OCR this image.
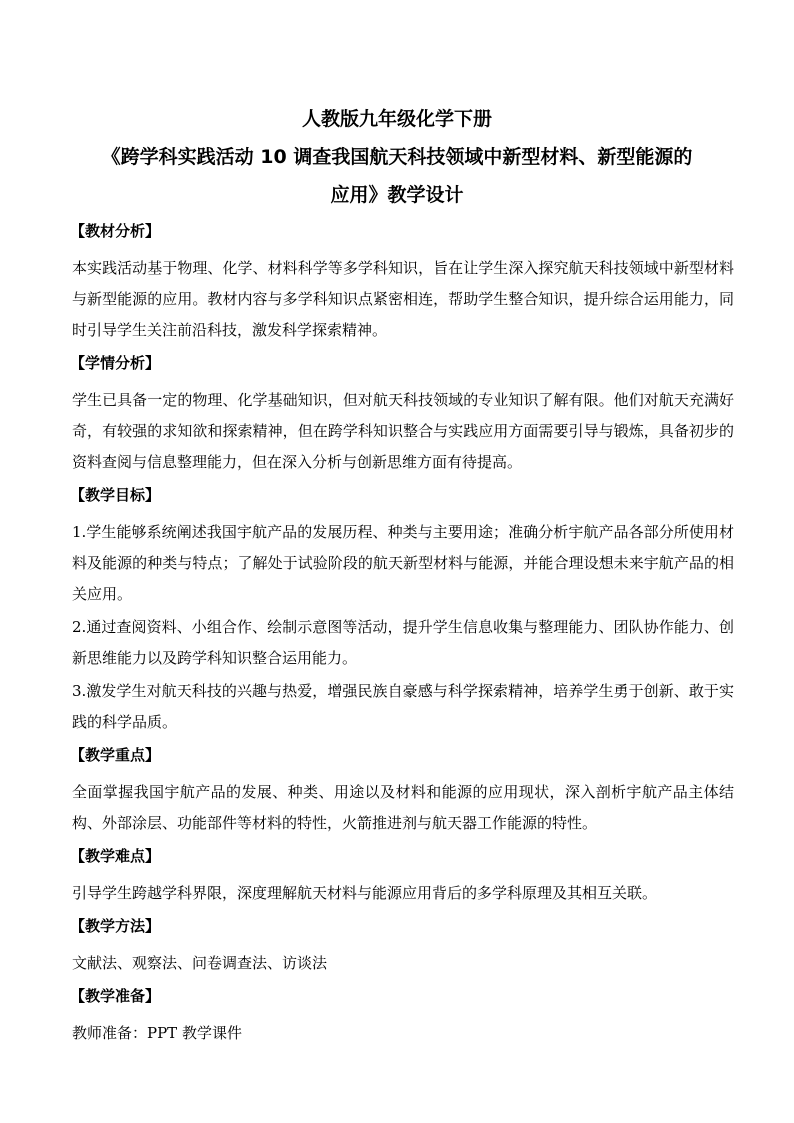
人教版九年级化学下册
《跨学科实践活动 10 调查我国航天科技领域中新型材料、新型能源的
应用》教学设计
【教材分析】

本实践活动基于物理、化学、材料科学等多学科知识，旨在让学生深入探究航天科技领域中新型材料与新型能源的应用。教材内容与多学科知识点紧密相连，帮助学生整合知识，提升综合运用能力，同时引导学生关注前沿科技，激发科学探索精神。

【学情分析】

学生已具备一定的物理、化学基础知识，但对航天科技领域的专业知识了解有限。他们对航天充满好奇，有较强的求知欲和探索精神，但在跨学科知识整合与实践应用方面需要引导与锻炼，具备初步的资料查阅与信息整理能力，但在深入分析与创新思维方面有待提高。

【教学目标】

1.学生能够系统阐述我国宇航产品的发展历程、种类与主要用途；准确分析宇航产品各部分所使用材料及能源的种类与特点；了解处于试验阶段的航天新型材料与能源，并能合理设想未来宇航产品的相关应用。

2.通过查阅资料、小组合作、绘制示意图等活动，提升学生信息收集与整理能力、团队协作能力、创新思维能力以及跨学科知识整合运用能力。

3.激发学生对航天科技的兴趣与热爱，增强民族自豪感与科学探索精神，培养学生勇于创新、敢于实践的科学品质。

【教学重点】

全面掌握我国宇航产品的发展、种类、用途以及材料和能源的应用现状，深入剖析宇航产品主体结构、外部涂层、功能部件等材料的特性，火箭推进剂与航天器工作能源的特性。

【教学难点】

引导学生跨越学科界限，深度理解航天材料与能源应用背后的多学科原理及其相互关联。

【教学方法】

文献法、观察法、问卷调查法、访谈法

【教学准备】

教师准备：PPT 教学课件
